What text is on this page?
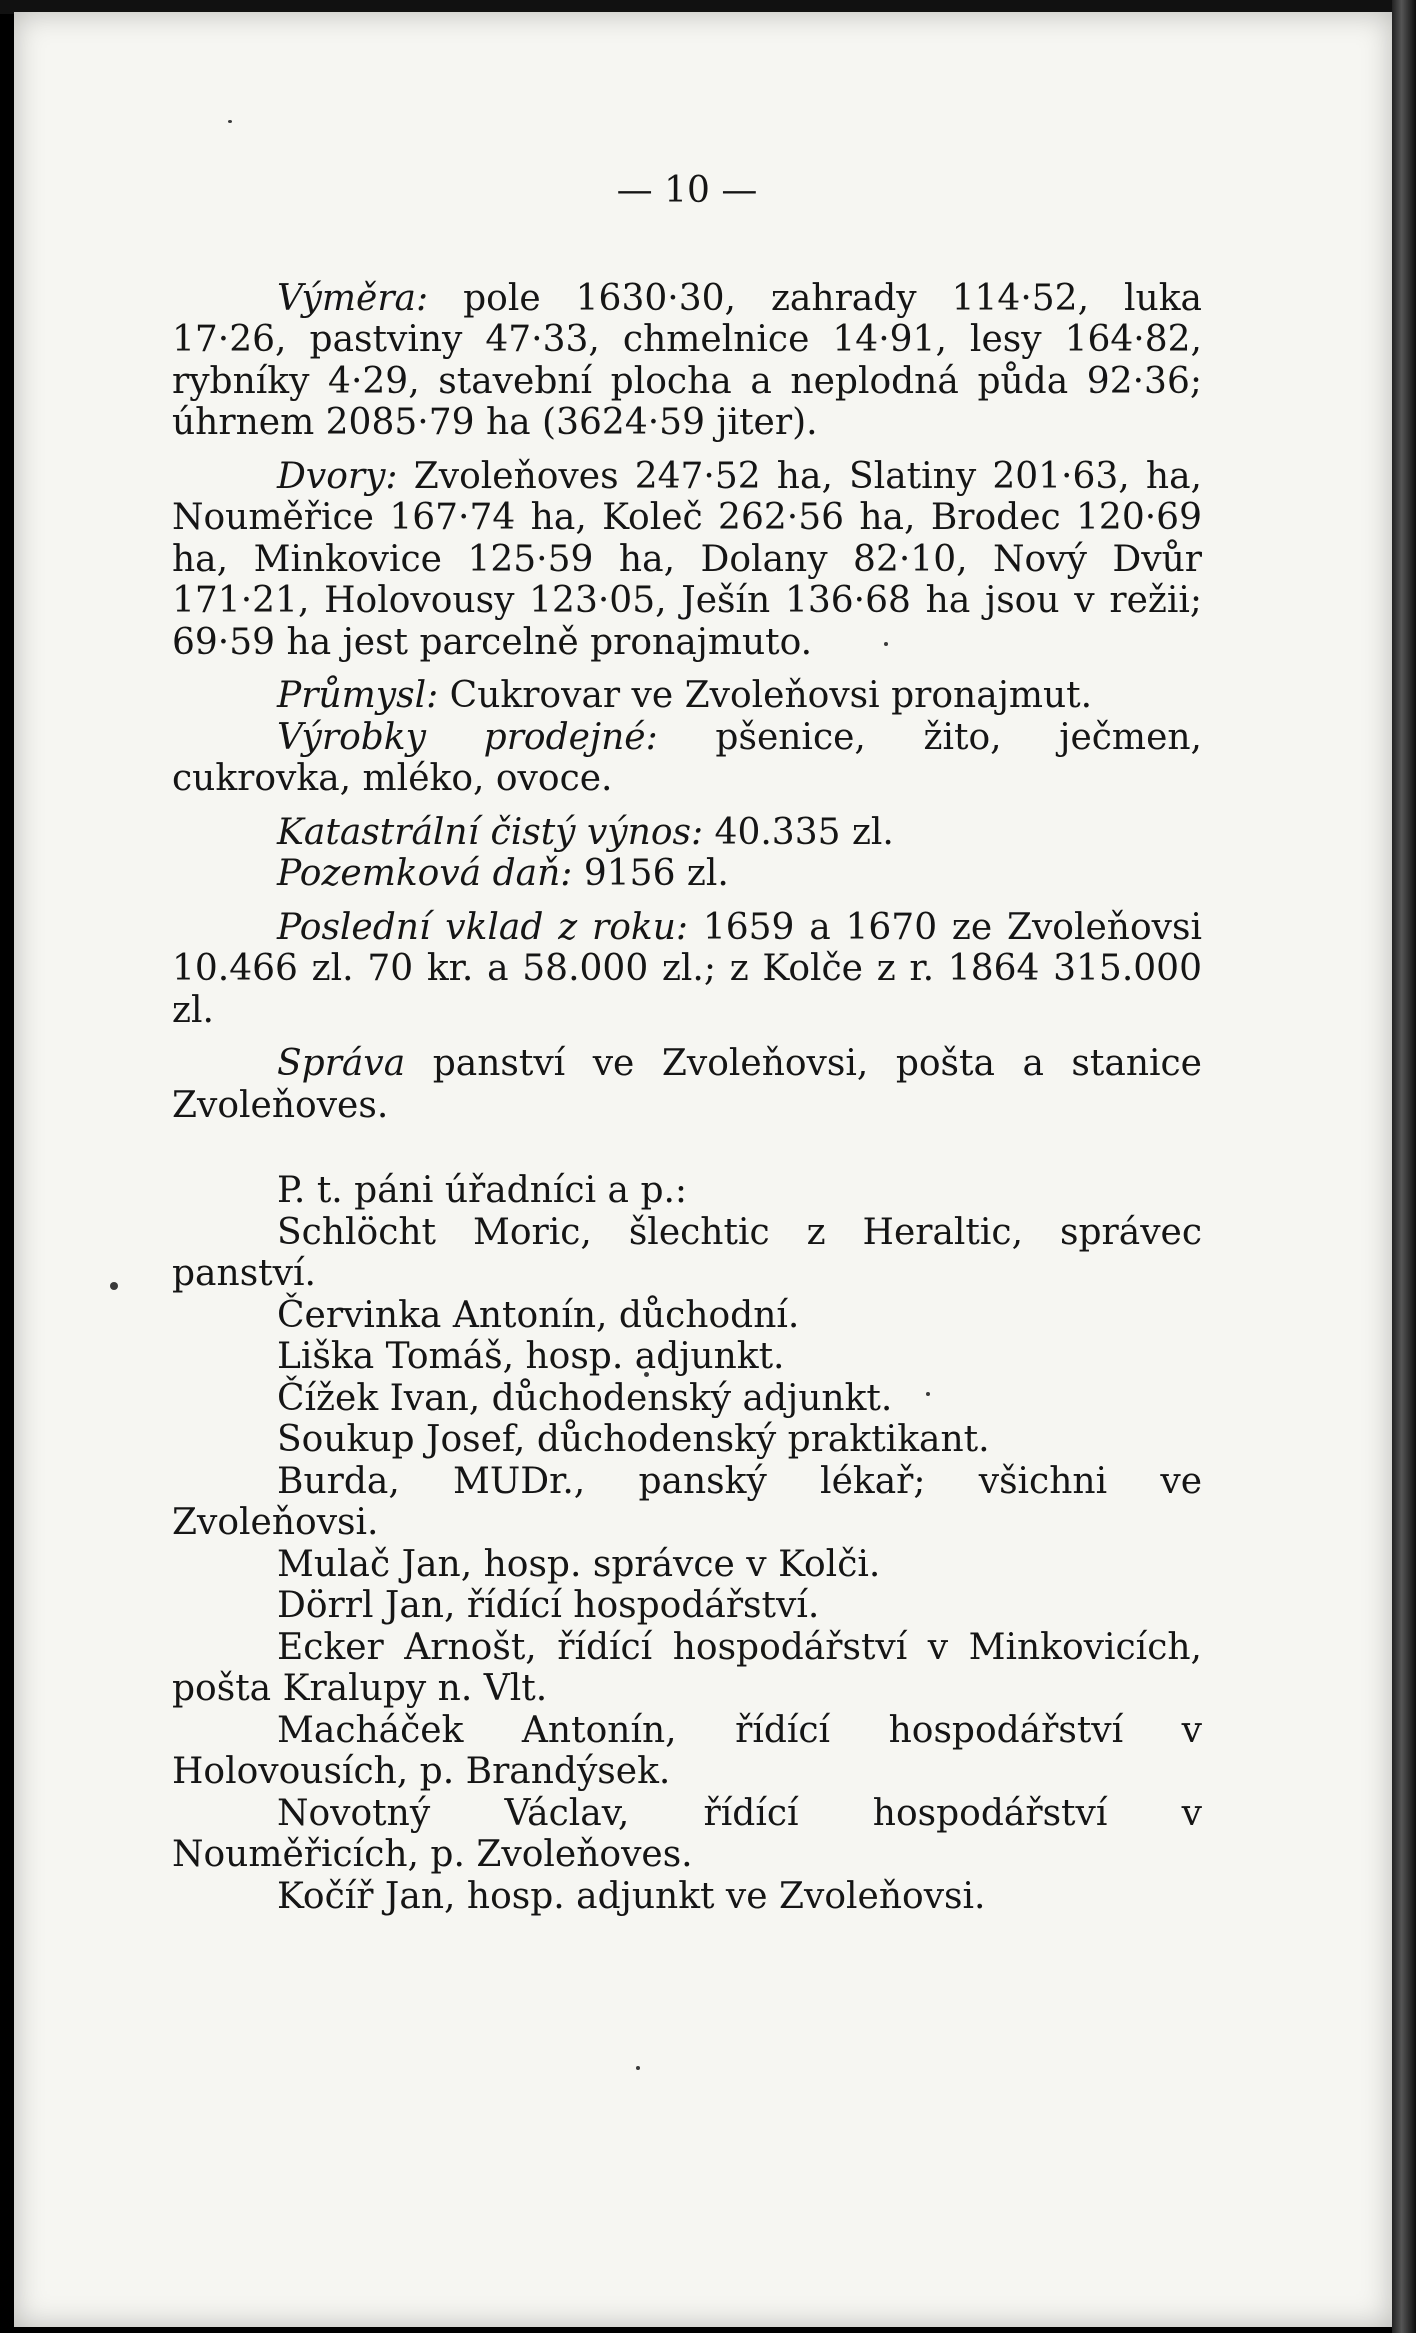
— 10 —

Výměra: pole 1630·30, zahrady 114·52, luka 17·26, pastviny 47·33, chmelnice 14·91, lesy 164·82, rybníky 4·29, stavební plocha a neplodná půda 92·36; úhrnem 2085·79 ha (3624·59 jiter).

Dvory: Zvoleňoves 247·52 ha, Slatiny 201·63, ha, Nouměřice 167·74 ha, Koleč 262·56 ha, Brodec 120·69 ha, Minkovice 125·59 ha, Dolany 82·10, Nový Dvůr 171·21, Holovousy 123·05, Ješín 136·68 ha jsou v režii; 69·59 ha jest parcelně pronajmuto.

Průmysl: Cukrovar ve Zvoleňovsi pronajmut.

Výrobky prodejné: pšenice, žito, ječmen, cukrovka, mléko, ovoce.

Katastrální čistý výnos: 40.335 zl.

Pozemková daň: 9156 zl.

Poslední vklad z roku: 1659 a 1670 ze Zvoleňovsi 10.466 zl. 70 kr. a 58.000 zl.; z Kolče z r. 1864 315.000 zl.

Správa panství ve Zvoleňovsi, pošta a stanice Zvoleňoves.

P. t. páni úřadníci a p.:

Schlöcht Moric, šlechtic z Heraltic, správec panství.

Červinka Antonín, důchodní.

Liška Tomáš, hosp. adjunkt.

Čížek Ivan, důchodenský adjunkt.

Soukup Josef, důchodenský praktikant.

Burda, MUDr., panský lékař; všichni ve Zvoleňovsi.

Mulač Jan, hosp. správce v Kolči.

Dörrl Jan, řídící hospodářství.

Ecker Arnošt, řídící hospodářství v Minkovicích, pošta Kralupy n. Vlt.

Macháček Antonín, řídící hospodářství v Holovousích, p. Brandýsek.

Novotný Václav, řídící hospodářství v Nouměřicích, p. Zvoleňoves.

Kočíř Jan, hosp. adjunkt ve Zvoleňovsi.
